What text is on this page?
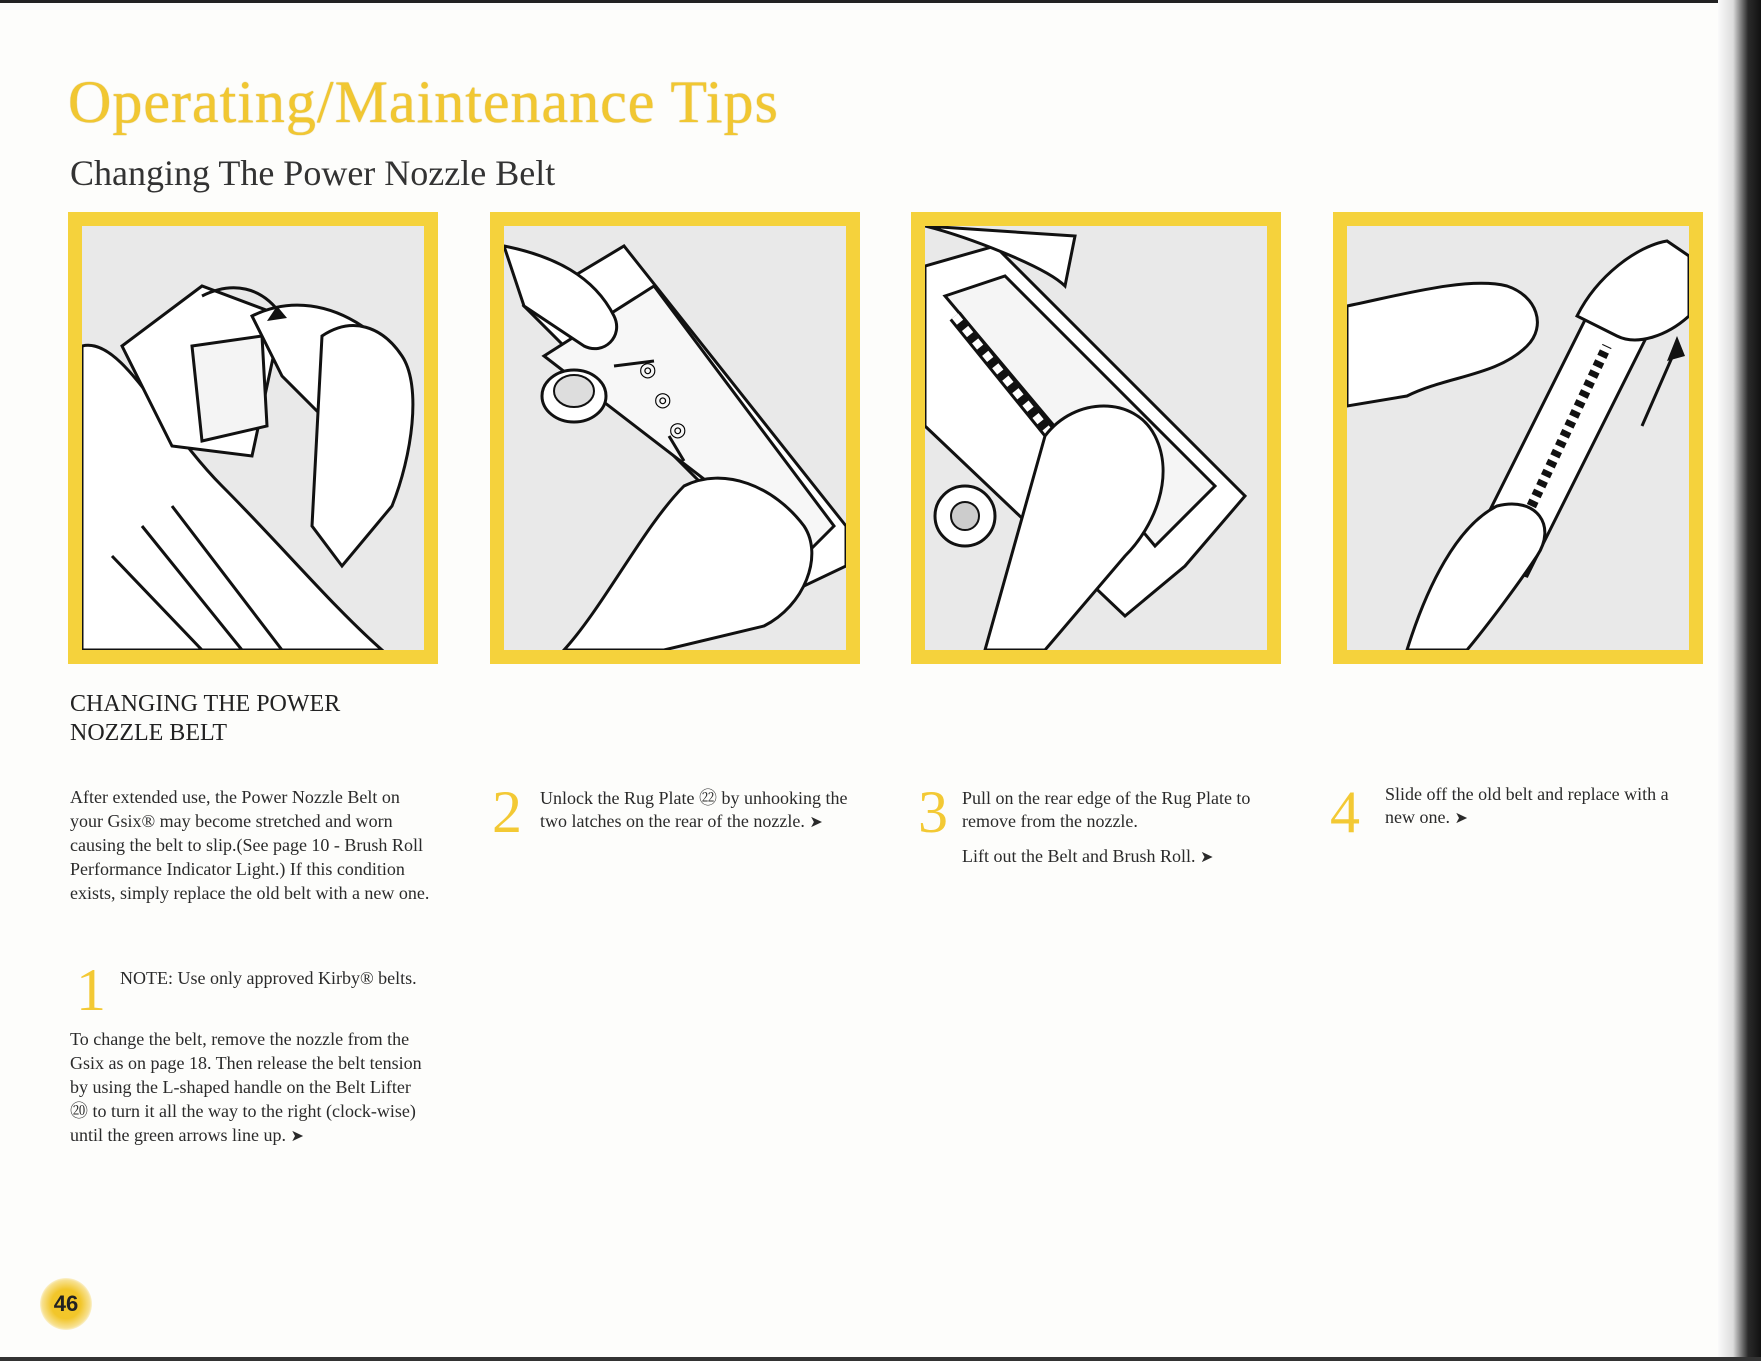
Operating/Maintenance Tips
Changing The Power Nozzle Belt
◎
◎
◎
CHANGING THE POWER
NOZZLE BELT
After extended use, the Power Nozzle Belt on your Gsix® may become stretched and worn causing the belt to slip.(See page 10 - Brush Roll Performance Indicator Light.) If this condition exists, simply replace the old belt with a new one.
1 NOTE: Use only approved Kirby® belts.
To change the belt, remove the nozzle from the Gsix as on page 18. Then release the belt tension by using the L-shaped handle on the Belt Lifter ⑳ to turn it all the way to the right (clock-wise) until the green arrows line up. ➤
2 Unlock the Rug Plate ㉒ by unhooking the two latches on the rear of the nozzle. ➤	3 Pull on the rear edge of the Rug Plate to remove from the nozzle.
Lift out the Belt and Brush Roll. ➤
4 Slide off the old belt and replace with a new one. ➤
46
